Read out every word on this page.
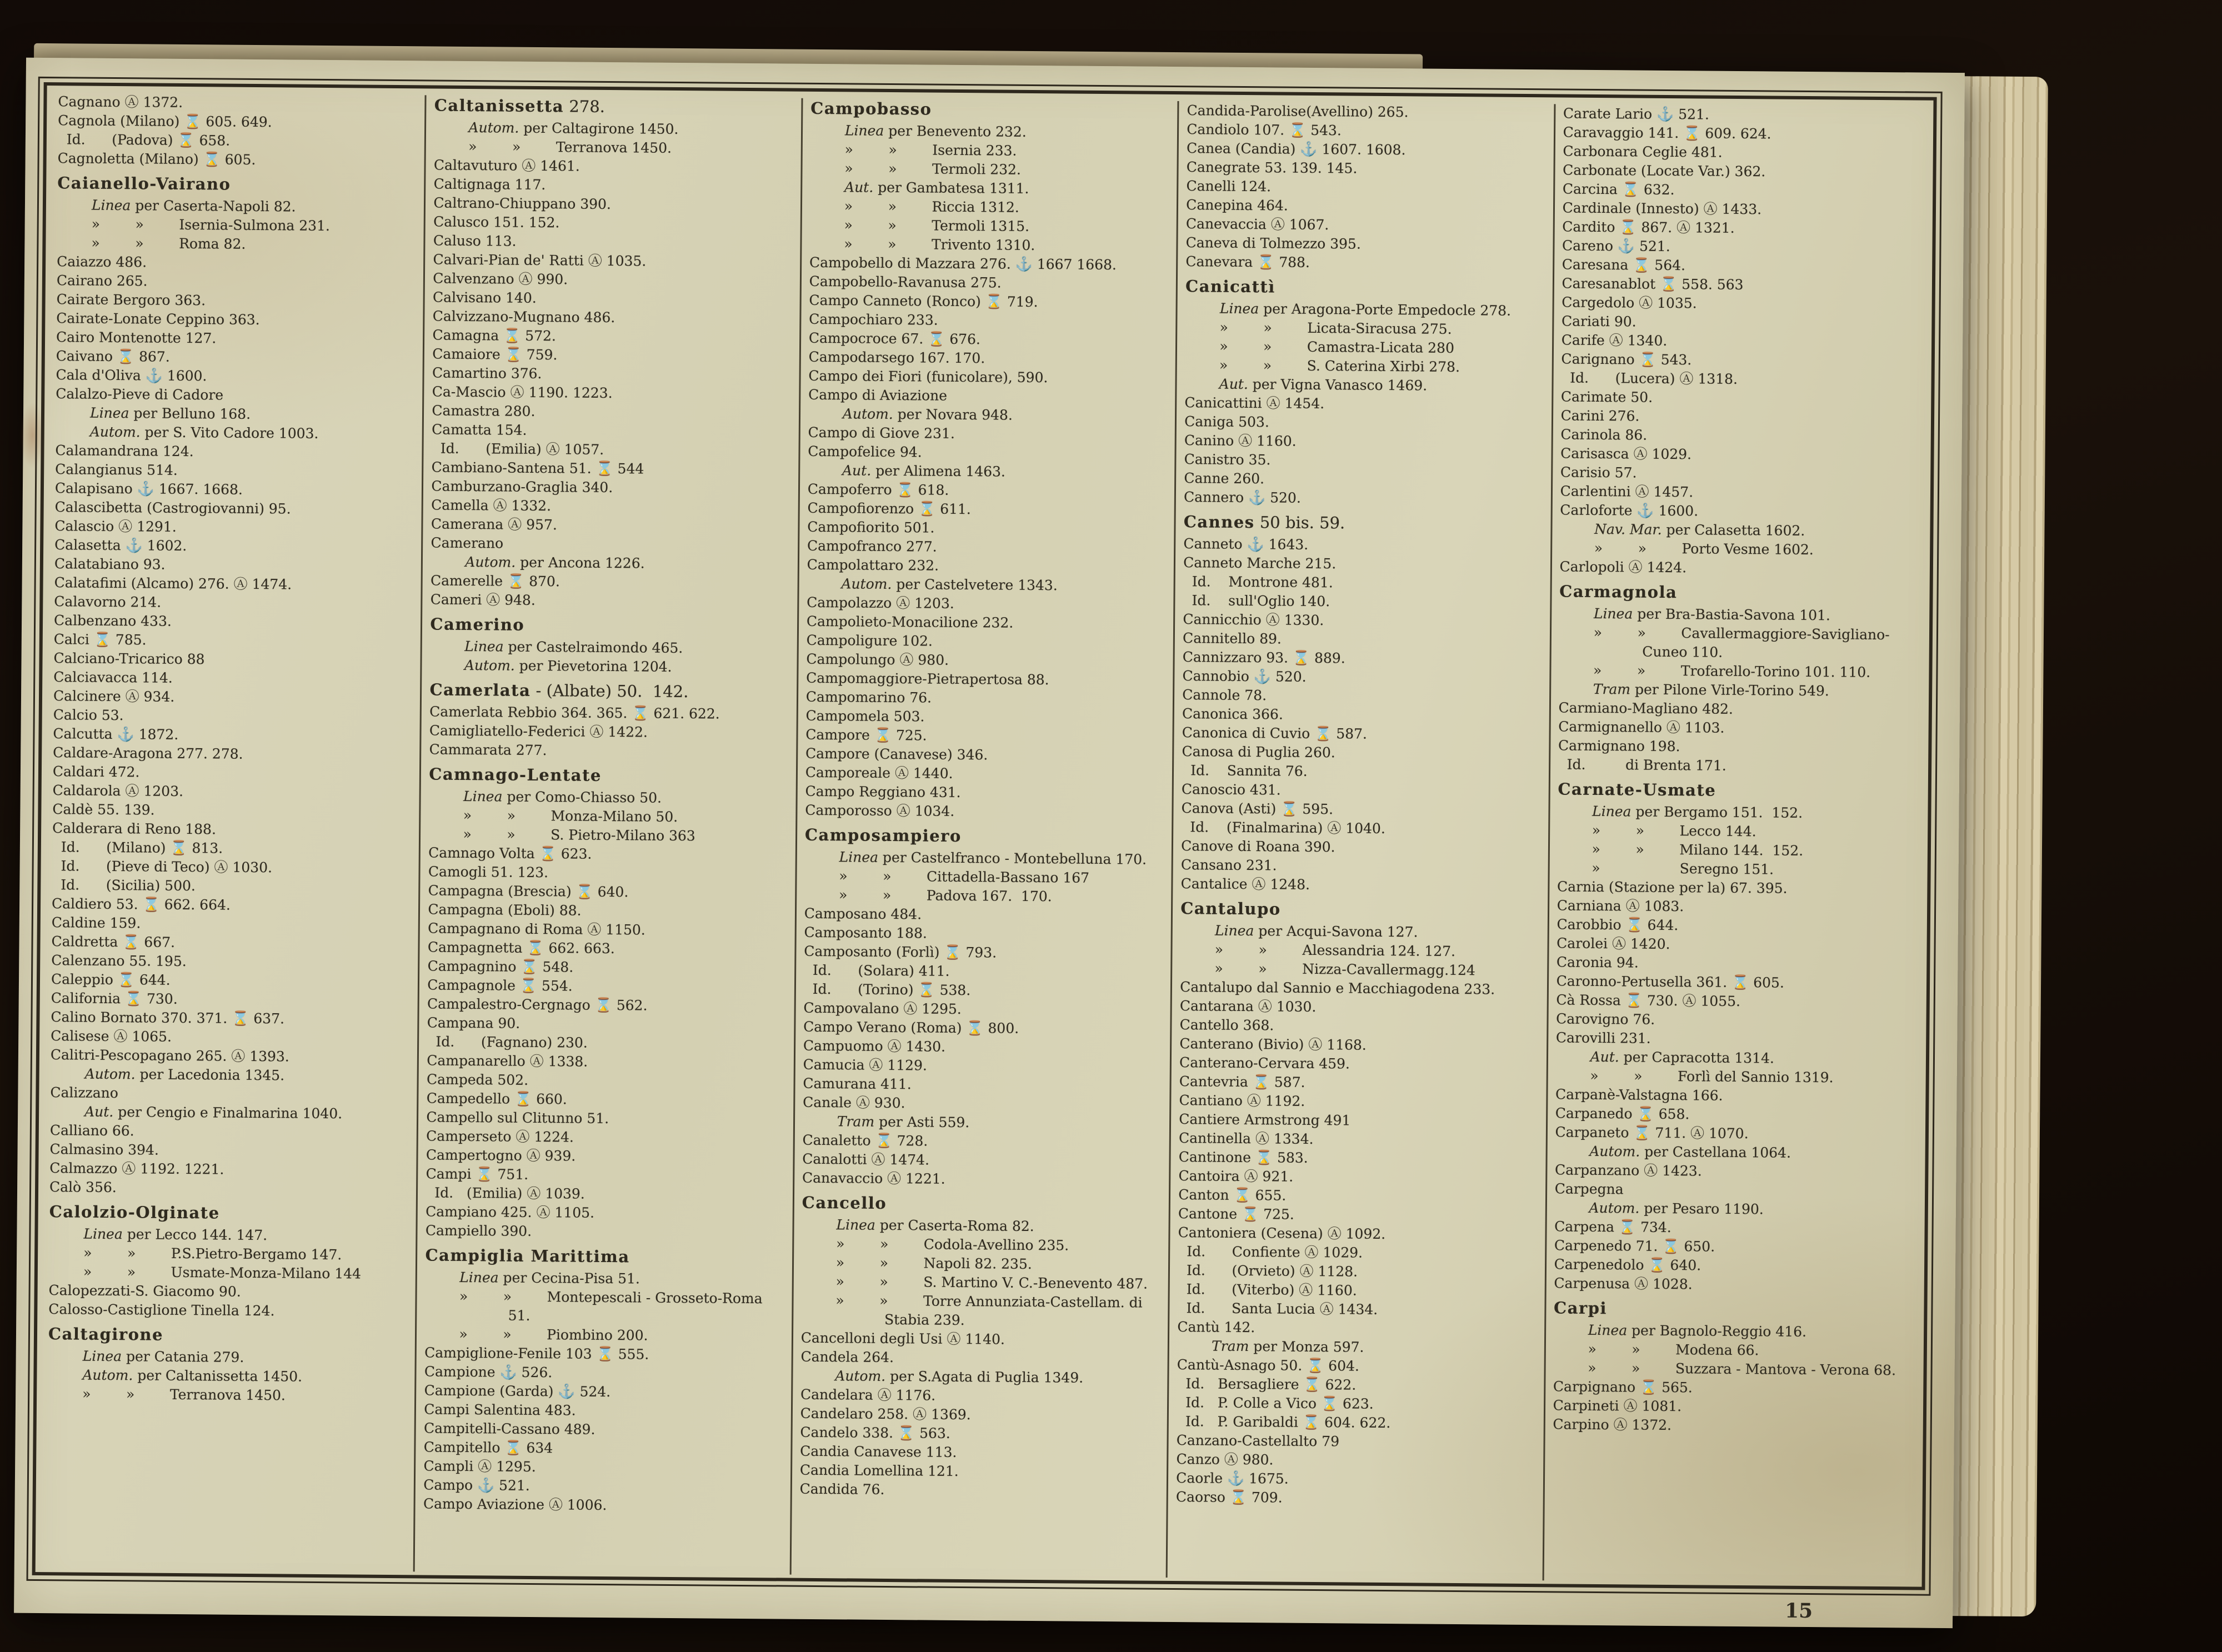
Cagnano Ⓐ 1372.
Cagnola (Milano) ⌛ 605. 649.
Id.      (Padova) ⌛ 658.
Cagnoletta (Milano) ⌛ 605.
Caianello-Vairano
Linea per Caserta-Napoli 82.
»        »        Isernia-Sulmona 231.
»        »        Roma 82.
Caiazzo 486.
Cairano 265.
Cairate Bergoro 363.
Cairate-Lonate Ceppino 363.
Cairo Montenotte 127.
Caivano ⌛ 867.
Cala d'Oliva ⚓ 1600.
Calalzo-Pieve di Cadore
Linea per Belluno 168.
Autom. per S. Vito Cadore 1003.
Calamandrana 124.
Calangianus 514.
Calapisano ⚓ 1667. 1668.
Calascibetta (Castrogiovanni) 95.
Calascio Ⓐ 1291.
Calasetta ⚓ 1602.
Calatabiano 93.
Calatafimi (Alcamo) 276. Ⓐ 1474.
Calavorno 214.
Calbenzano 433.
Calci ⌛ 785.
Calciano-Tricarico 88
Calciavacca 114.
Calcinere Ⓐ 934.
Calcio 53.
Calcutta ⚓ 1872.
Caldare-Aragona 277. 278.
Caldari 472.
Caldarola Ⓐ 1203.
Caldè 55. 139.
Calderara di Reno 188.
Id.      (Milano) ⌛ 813.
Id.      (Pieve di Teco) Ⓐ 1030.
Id.      (Sicilia) 500.
Caldiero 53. ⌛ 662. 664.
Caldine 159.
Caldretta ⌛ 667.
Calenzano 55. 195.
Caleppio ⌛ 644.
California ⌛ 730.
Calino Bornato 370. 371. ⌛ 637.
Calisese Ⓐ 1065.
Calitri-Pescopagano 265. Ⓐ 1393.
Autom. per Lacedonia 1345.
Calizzano
Aut. per Cengio e Finalmarina 1040.
Calliano 66.
Calmasino 394.
Calmazzo Ⓐ 1192. 1221.
Calò 356.
Calolzio-Olginate
Linea per Lecco 144. 147.
»        »        P.S.Pietro-Bergamo 147.
»        »        Usmate-Monza-Milano 144
Calopezzati-S. Giacomo 90.
Calosso-Castiglione Tinella 124.
Caltagirone
Linea per Catania 279.
Autom. per Caltanissetta 1450.
»        »        Terranova 1450.
Caltanissetta 278.
Autom. per Caltagirone 1450.
»        »        Terranova 1450.
Caltavuturo Ⓐ 1461.
Caltignaga 117.
Caltrano-Chiuppano 390.
Calusco 151. 152.
Caluso 113.
Calvari-Pian de' Ratti Ⓐ 1035.
Calvenzano Ⓐ 990.
Calvisano 140.
Calvizzano-Mugnano 486.
Camagna ⌛ 572.
Camaiore ⌛ 759.
Camartino 376.
Ca-Mascio Ⓐ 1190. 1223.
Camastra 280.
Camatta 154.
Id.      (Emilia) Ⓐ 1057.
Cambiano-Santena 51. ⌛ 544
Camburzano-Graglia 340.
Camella Ⓐ 1332.
Camerana Ⓐ 957.
Camerano
Autom. per Ancona 1226.
Camerelle ⌛ 870.
Cameri Ⓐ 948.
Camerino
Linea per Castelraimondo 465.
Autom. per Pievetorina 1204.
Camerlata - (Albate) 50.  142.
Camerlata Rebbio 364. 365. ⌛ 621. 622.
Camigliatello-Federici Ⓐ 1422.
Cammarata 277.
Camnago-Lentate
Linea per Como-Chiasso 50.
»        »        Monza-Milano 50.
»        »        S. Pietro-Milano 363
Camnago Volta ⌛ 623.
Camogli 51. 123.
Campagna (Brescia) ⌛ 640.
Campagna (Eboli) 88.
Campagnano di Roma Ⓐ 1150.
Campagnetta ⌛ 662. 663.
Campagnino ⌛ 548.
Campagnole ⌛ 554.
Campalestro-Cergnago ⌛ 562.
Campana 90.
Id.      (Fagnano) 230.
Campanarello Ⓐ 1338.
Campeda 502.
Campedello ⌛ 660.
Campello sul Clitunno 51.
Camperseto Ⓐ 1224.
Campertogno Ⓐ 939.
Campi ⌛ 751.
Id.   (Emilia) Ⓐ 1039.
Campiano 425. Ⓐ 1105.
Campiello 390.
Campiglia Marittima
Linea per Cecina-Pisa 51.
»        »        Montepescali - Grosseto-Roma 51.
»        »        Piombino 200.
Campiglione-Fenile 103 ⌛ 555.
Campione ⚓ 526.
Campione (Garda) ⚓ 524.
Campi Salentina 483.
Campitelli-Cassano 489.
Campitello ⌛ 634
Campli Ⓐ 1295.
Campo ⚓ 521.
Campo Aviazione Ⓐ 1006.
Campobasso
Linea per Benevento 232.
»        »        Isernia 233.
»        »        Termoli 232.
Aut. per Gambatesa 1311.
»        »        Riccia 1312.
»        »        Termoli 1315.
»        »        Trivento 1310.
Campobello di Mazzara 276. ⚓ 1667 1668.
Campobello-Ravanusa 275.
Campo Canneto (Ronco) ⌛ 719.
Campochiaro 233.
Campocroce 67. ⌛ 676.
Campodarsego 167. 170.
Campo dei Fiori (funicolare), 590.
Campo di Aviazione
Autom. per Novara 948.
Campo di Giove 231.
Campofelice 94.
Aut. per Alimena 1463.
Campoferro ⌛ 618.
Campofiorenzo ⌛ 611.
Campofiorito 501.
Campofranco 277.
Campolattaro 232.
Autom. per Castelvetere 1343.
Campolazzo Ⓐ 1203.
Campolieto-Monacilione 232.
Campoligure 102.
Campolungo Ⓐ 980.
Campomaggiore-Pietrapertosa 88.
Campomarino 76.
Campomela 503.
Campore ⌛ 725.
Campore (Canavese) 346.
Camporeale Ⓐ 1440.
Campo Reggiano 431.
Camporosso Ⓐ 1034.
Camposampiero
Linea per Castelfranco - Montebelluna 170.
»        »        Cittadella-Bassano 167
»        »        Padova 167.  170.
Camposano 484.
Camposanto 188.
Camposanto (Forlì) ⌛ 793.
Id.      (Solara) 411.
Id.      (Torino) ⌛ 538.
Campovalano Ⓐ 1295.
Campo Verano (Roma) ⌛ 800.
Campuomo Ⓐ 1430.
Camucia Ⓐ 1129.
Camurana 411.
Canale Ⓐ 930.
Tram per Asti 559.
Canaletto ⌛ 728.
Canalotti Ⓐ 1474.
Canavaccio Ⓐ 1221.
Cancello
Linea per Caserta-Roma 82.
»        »        Codola-Avellino 235.
»        »        Napoli 82. 235.
»        »        S. Martino V. C.-Benevento 487.
»        »        Torre Annunziata-Castellam. di Stabia 239.
Cancelloni degli Usi Ⓐ 1140.
Candela 264.
Autom. per S.Agata di Puglia 1349.
Candelara Ⓐ 1176.
Candelaro 258. Ⓐ 1369.
Candelo 338. ⌛ 563.
Candia Canavese 113.
Candia Lomellina 121.
Candida 76.
Candida-Parolise(Avellino) 265.
Candiolo 107. ⌛ 543.
Canea (Candia) ⚓ 1607. 1608.
Canegrate 53. 139. 145.
Canelli 124.
Canepina 464.
Canevaccia Ⓐ 1067.
Caneva di Tolmezzo 395.
Canevara ⌛ 788.
Canicattì
Linea per Aragona-Porte Empedocle 278.
»        »        Licata-Siracusa 275.
»        »        Camastra-Licata 280
»        »        S. Caterina Xirbi 278.
Aut. per Vigna Vanasco 1469.
Canicattini Ⓐ 1454.
Caniga 503.
Canino Ⓐ 1160.
Canistro 35.
Canne 260.
Cannero ⚓ 520.
Cannes 50 bis. 59.
Canneto ⚓ 1643.
Canneto Marche 215.
Id.    Montrone 481.
Id.    sull'Oglio 140.
Cannicchio Ⓐ 1330.
Cannitello 89.
Cannizzaro 93. ⌛ 889.
Cannobio ⚓ 520.
Cannole 78.
Canonica 366.
Canonica di Cuvio ⌛ 587.
Canosa di Puglia 260.
Id.    Sannita 76.
Canoscio 431.
Canova (Asti) ⌛ 595.
Id.    (Finalmarina) Ⓐ 1040.
Canove di Roana 390.
Cansano 231.
Cantalice Ⓐ 1248.
Cantalupo
Linea per Acqui-Savona 127.
»        »        Alessandria 124. 127.
»        »        Nizza-Cavallermagg.124
Cantalupo dal Sannio e Macchiagodena 233.
Cantarana Ⓐ 1030.
Cantello 368.
Canterano (Bivio) Ⓐ 1168.
Canterano-Cervara 459.
Cantevria ⌛ 587.
Cantiano Ⓐ 1192.
Cantiere Armstrong 491
Cantinella Ⓐ 1334.
Cantinone ⌛ 583.
Cantoira Ⓐ 921.
Canton ⌛ 655.
Cantone ⌛ 725.
Cantoniera (Cesena) Ⓐ 1092.
Id.      Confiente Ⓐ 1029.
Id.      (Orvieto) Ⓐ 1128.
Id.      (Viterbo) Ⓐ 1160.
Id.      Santa Lucia Ⓐ 1434.
Cantù 142.
Tram per Monza 597.
Cantù-Asnago 50. ⌛ 604.
Id.   Bersagliere ⌛ 622.
Id.   P. Colle a Vico ⌛ 623.
Id.   P. Garibaldi ⌛ 604. 622.
Canzano-Castellalto 79
Canzo Ⓐ 980.
Caorle ⚓ 1675.
Caorso ⌛ 709.
Carate Lario ⚓ 521.
Caravaggio 141. ⌛ 609. 624.
Carbonara Ceglie 481.
Carbonate (Locate Var.) 362.
Carcina ⌛ 632.
Cardinale (Innesto) Ⓐ 1433.
Cardito ⌛ 867. Ⓐ 1321.
Careno ⚓ 521.
Caresana ⌛ 564.
Caresanablot ⌛ 558. 563
Cargedolo Ⓐ 1035.
Cariati 90.
Carife Ⓐ 1340.
Carignano ⌛ 543.
Id.      (Lucera) Ⓐ 1318.
Carimate 50.
Carini 276.
Carinola 86.
Carisasca Ⓐ 1029.
Carisio 57.
Carlentini Ⓐ 1457.
Carloforte ⚓ 1600.
Nav. Mar. per Calasetta 1602.
»        »        Porto Vesme 1602.
Carlopoli Ⓐ 1424.
Carmagnola
Linea per Bra-Bastia-Savona 101.
»        »        Cavallermaggiore-Savigliano-Cuneo 110.
»        »        Trofarello-Torino 101. 110.
Tram per Pilone Virle-Torino 549.
Carmiano-Magliano 482.
Carmignanello Ⓐ 1103.
Carmignano 198.
Id.         di Brenta 171.
Carnate-Usmate
Linea per Bergamo 151.  152.
»        »        Lecco 144.
»        »        Milano 144.  152.
»                  Seregno 151.
Carnia (Stazione per la) 67. 395.
Carniana Ⓐ 1083.
Carobbio ⌛ 644.
Carolei Ⓐ 1420.
Caronia 94.
Caronno-Pertusella 361. ⌛ 605.
Cà Rossa ⌛ 730. Ⓐ 1055.
Carovigno 76.
Carovilli 231.
Aut. per Capracotta 1314.
»        »        Forlì del Sannio 1319.
Carpanè-Valstagna 166.
Carpanedo ⌛ 658.
Carpaneto ⌛ 711. Ⓐ 1070.
Autom. per Castellana 1064.
Carpanzano Ⓐ 1423.
Carpegna
Autom. per Pesaro 1190.
Carpena ⌛ 734.
Carpenedo 71. ⌛ 650.
Carpenedolo ⌛ 640.
Carpenusa Ⓐ 1028.
Carpi
Linea per Bagnolo-Reggio 416.
»        »        Modena 66.
»        »        Suzzara - Mantova - Verona 68.
Carpignano ⌛ 565.
Carpineti Ⓐ 1081.
Carpino Ⓐ 1372.
15
